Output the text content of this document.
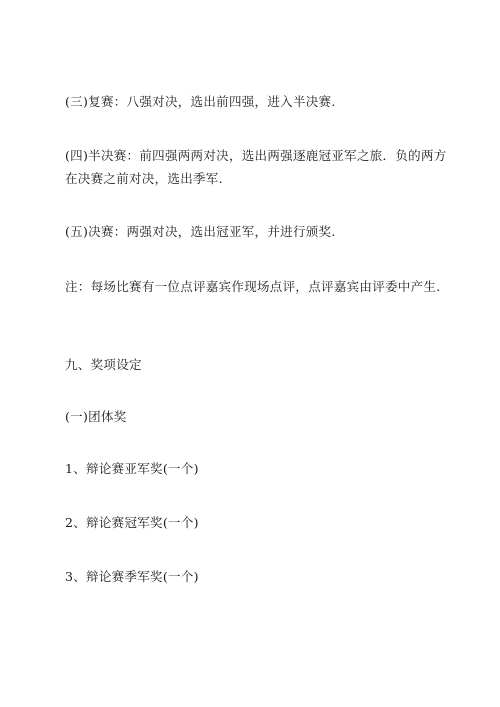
(三)复赛：八强对决，选出前四强，进入半决赛.

(四)半决赛：前四强两两对决，选出两强逐鹿冠亚军之旅．负的两方在决赛之前对决，选出季军.

(五)决赛：两强对决，选出冠亚军，并进行颁奖.

注：每场比赛有一位点评嘉宾作现场点评，点评嘉宾由评委中产生.

九、奖项设定

(一)团体奖

1、辩论赛亚军奖(一个)

2、辩论赛冠军奖(一个)

3、辩论赛季军奖(一个)
